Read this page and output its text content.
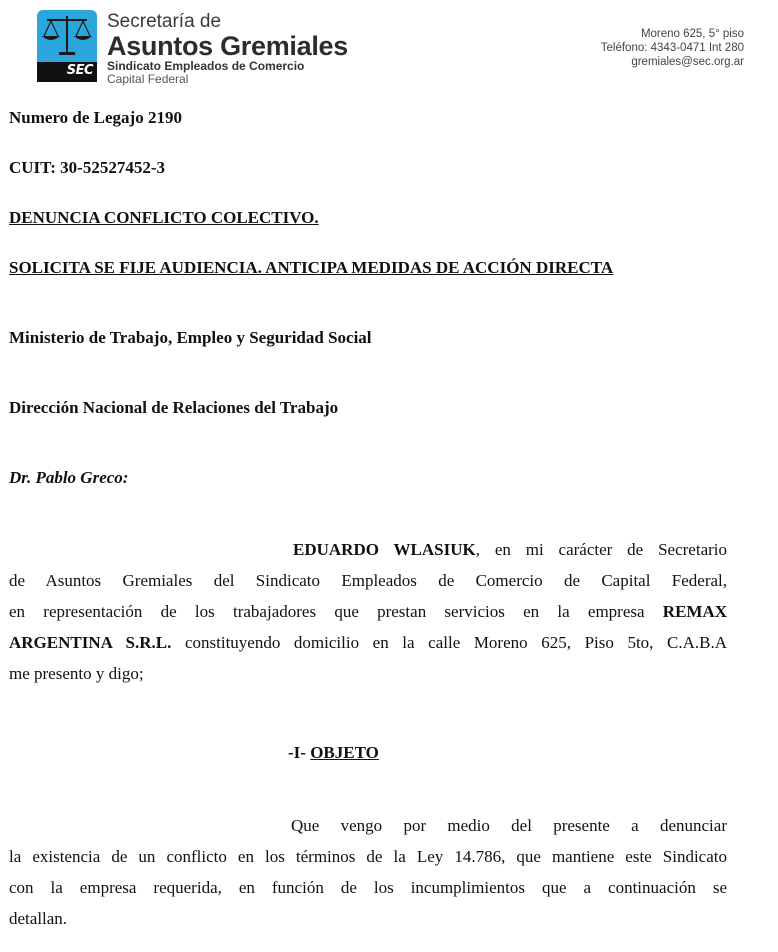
SEC
Secretaría de
Asuntos Gremiales
Sindicato Empleados de Comercio
Capital Federal
Moreno 625, 5° piso
Teléfono: 4343-0471 Int 280
gremiales@sec.org.ar
Numero de Legajo 2190
CUIT: 30-52527452-3
DENUNCIA CONFLICTO COLECTIVO.
SOLICITA SE FIJE AUDIENCIA. ANTICIPA MEDIDAS DE ACCIÓN DIRECTA
Ministerio de Trabajo, Empleo y Seguridad Social
Dirección Nacional de Relaciones del Trabajo
Dr. Pablo Greco:
EDUARDO WLASIUK, en mi carácter de Secretario
de Asuntos Gremiales del Sindicato Empleados de Comercio de Capital Federal,
en representación de los trabajadores que prestan servicios en la empresa REMAX
ARGENTINA S.R.L. constituyendo domicilio en la calle Moreno 625, Piso 5to, C.A.B.A
me presento y digo;
-I- OBJETO
Que vengo por medio del presente a denunciar
la existencia de un conflicto en los términos de la Ley 14.786, que mantiene este Sindicato
con la empresa requerida, en función de los incumplimientos que a continuación se
detallan.
